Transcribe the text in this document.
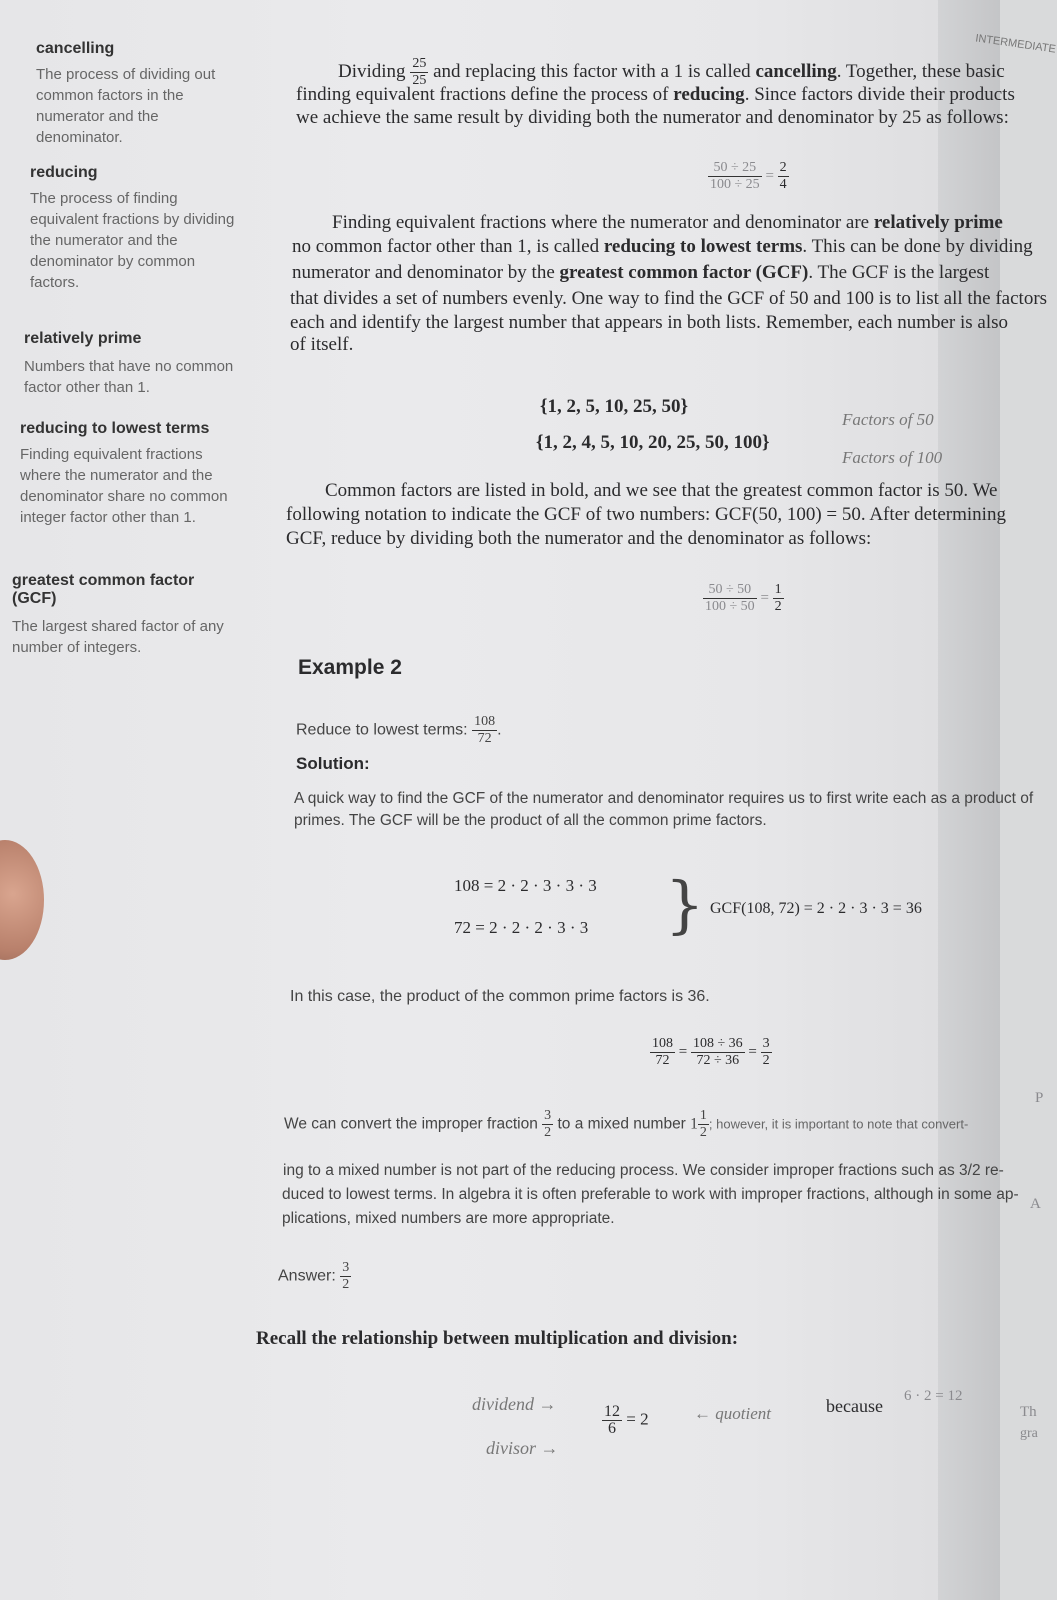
INTERMEDIATE
cancelling
The process of dividing out common factors in the numerator and the denominator.
reducing
The process of finding equivalent fractions by dividing the numerator and the denominator by common factors.
relatively prime
Numbers that have no common factor other than 1.
reducing to lowest terms
Finding equivalent fractions where the numerator and the denominator share no common integer factor other than 1.
greatest common factor (GCF)
The largest shared factor of any number of integers.
Dividing $\frac{25}{25}$ and replacing this factor with a 1 is called cancelling. Together, these basic
finding equivalent fractions define the process of reducing. Since factors divide their products
we achieve the same result by dividing both the numerator and denominator by 25 as follows:
$\frac{50 \div 25}{100 \div 25} = \frac{2}{4}$
Finding equivalent fractions where the numerator and denominator are relatively prime
no common factor other than 1, is called reducing to lowest terms. This can be done by dividing
numerator and denominator by the greatest common factor (GCF). The GCF is the largest
that divides a set of numbers evenly. One way to find the GCF of 50 and 100 is to list all the factors
each and identify the largest number that appears in both lists. Remember, each number is also
of itself.
{1, 2, 5, 10, 25, 50}
Factors of 50
{1, 2, 4, 5, 10, 20, 25, 50, 100}
Factors of 100
Common factors are listed in bold, and we see that the greatest common factor is 50. We
following notation to indicate the GCF of two numbers: GCF(50, 100) = 50. After determining
GCF, reduce by dividing both the numerator and the denominator as follows:
$\frac{50 \div 50}{100 \div 50} = \frac{1}{2}$
Example 2
Reduce to lowest terms: $\frac{108}{72}$ .
Solution:
A quick way to find the GCF of the numerator and denominator requires us to first write each as a product of
primes. The GCF will be the product of all the common prime factors.
108 = 2 · 2 · 3 · 3 · 3
72 = 2 · 2 · 2 · 3 · 3 } GCF(108, 72) = 2 · 2 · 3 · 3 = 36
In this case, the product of the common prime factors is 36.
$\frac{108}{72} = \frac{108 \div 36}{72 \div 36} = \frac{3}{2}$
We can convert the improper fraction $\frac{3}{2}$ to a mixed number $1 \frac{1}{2}$ ; however, it is important to note that convert-
ing to a mixed number is not part of the reducing process. We consider improper fractions such as 3/2 re-
duced to lowest terms. In algebra it is often preferable to work with improper fractions, although in some ap-
plications, mixed numbers are more appropriate.
Answer: $\frac{3}{2}$
Recall the relationship between multiplication and division:
dividend →
divisor →
$\frac{12}{6} = 2$	← quotient	because 6 · 2 = 12
P
A
Th
gra
